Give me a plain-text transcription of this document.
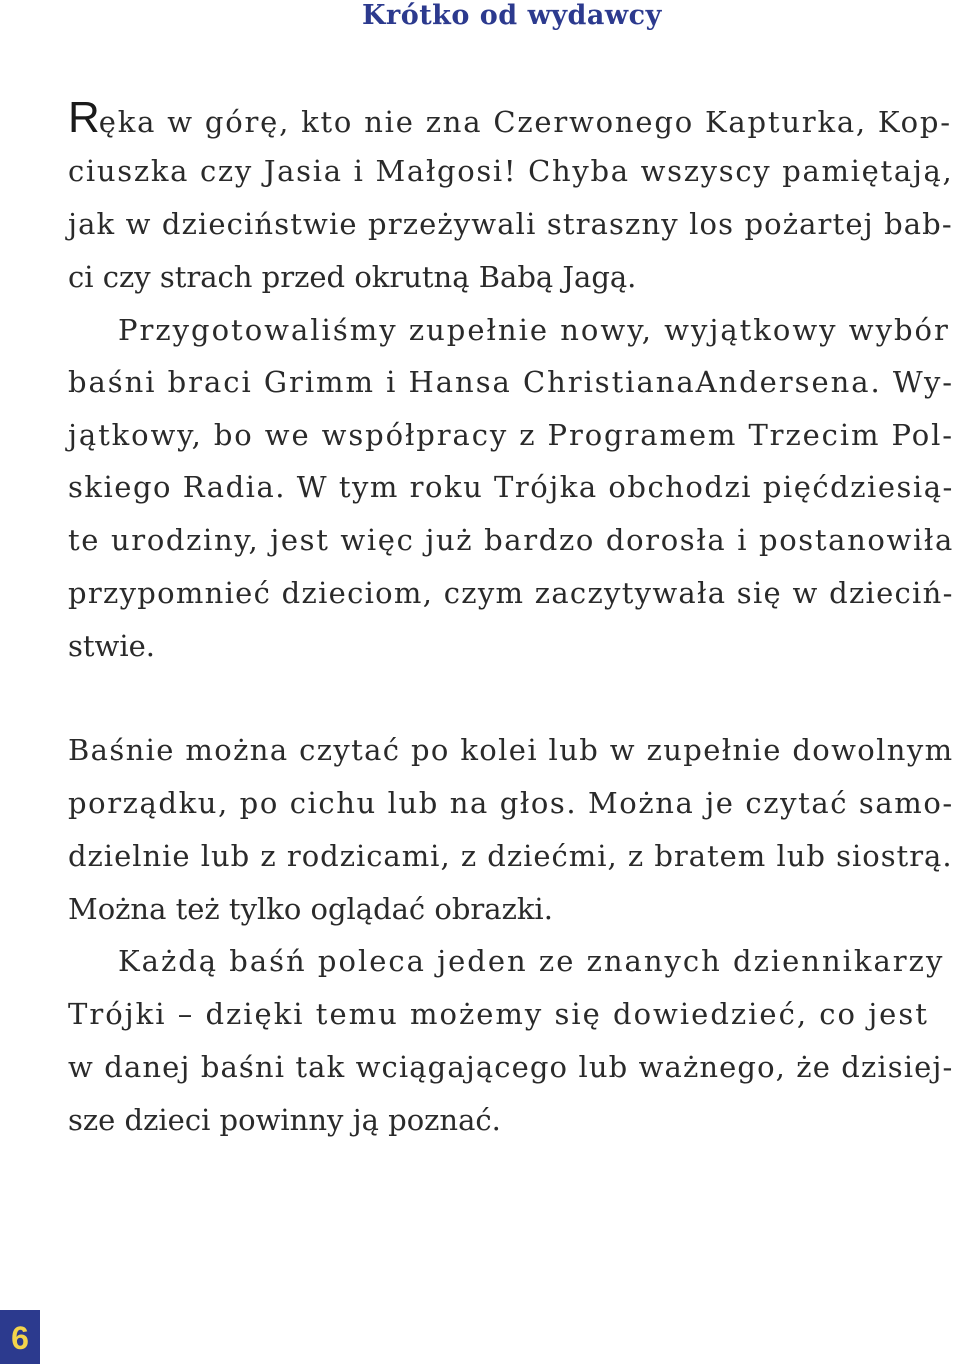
Krótko od wydawcy

Ręka w górę, kto nie zna Czerwonego Kapturka, Kop-

ciuszka czy Jasia i Małgosi! Chyba wszyscy pamiętają,

jak w dzieciństwie przeżywali straszny los pożartej bab-

ci czy strach przed okrutną Babą Jagą.

Przygotowaliśmy zupełnie nowy, wyjątkowy wybór

baśni braci Grimm i Hansa ChristianaAndersena. Wy-

jątkowy, bo we współpracy z Programem Trzecim Pol-

skiego Radia. W tym roku Trójka obchodzi pięćdziesią-

te urodziny, jest więc już bardzo dorosła i postanowiła

przypomnieć dzieciom, czym zaczytywała się w dzieciń-

stwie.

Baśnie można czytać po kolei lub w zupełnie dowolnym

porządku, po cichu lub na głos. Można je czytać samo-

dzielnie lub z rodzicami, z dziećmi, z bratem lub siostrą.

Można też tylko oglądać obrazki.

Każdą baśń poleca jeden ze znanych dziennikarzy

Trójki – dzięki temu możemy się dowiedzieć, co jest

w danej baśni tak wciągającego lub ważnego, że dzisiej-

sze dzieci powinny ją poznać.

6
